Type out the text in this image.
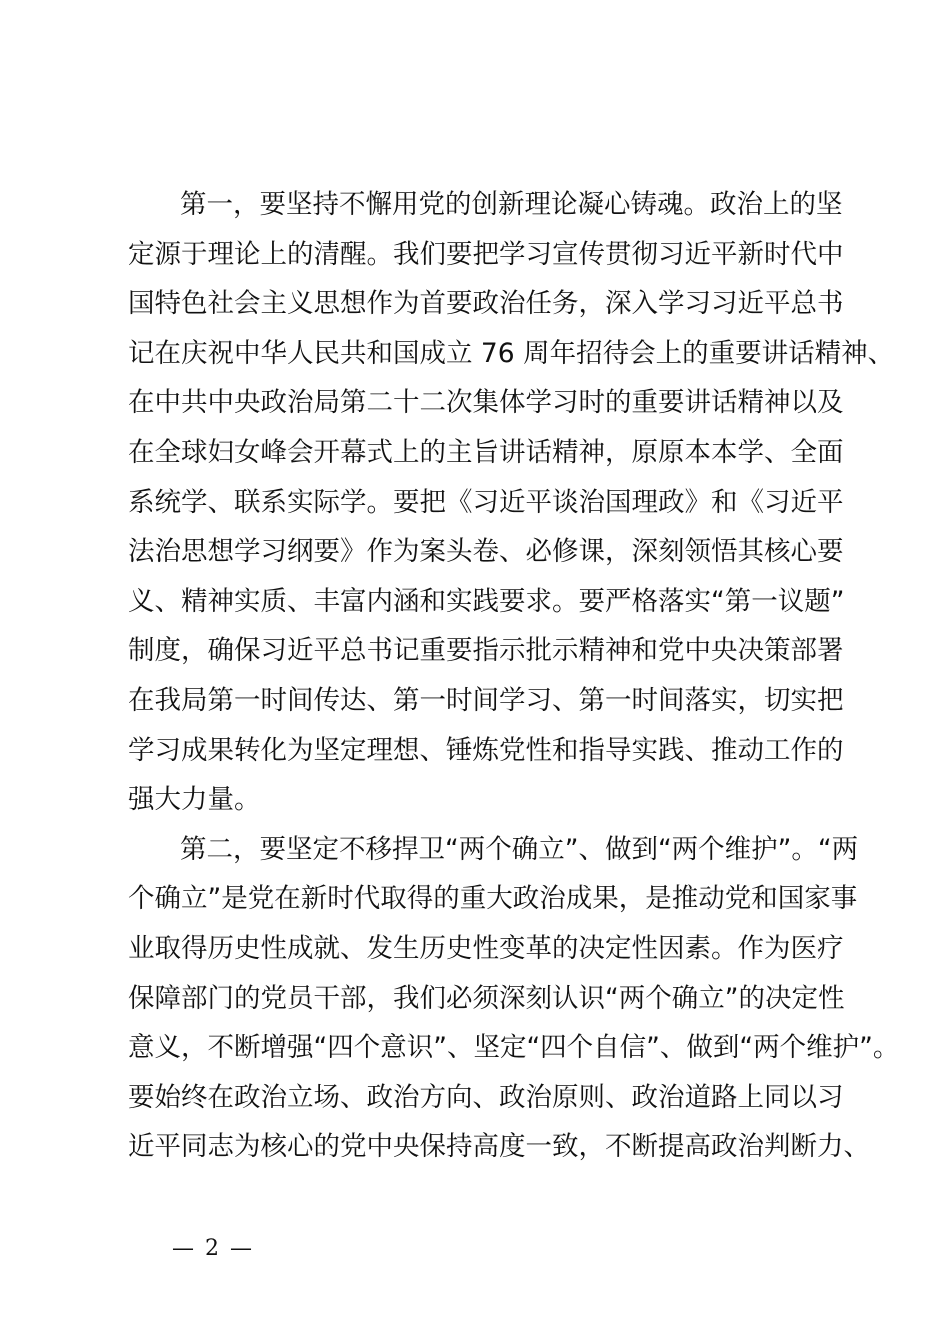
第一，要坚持不懈用党的创新理论凝心铸魂。政治上的坚
定源于理论上的清醒。我们要把学习宣传贯彻习近平新时代中
国特色社会主义思想作为首要政治任务，深入学习习近平总书
记在庆祝中华人民共和国成立 76 周年招待会上的重要讲话精神、
在中共中央政治局第二十二次集体学习时的重要讲话精神以及
在全球妇女峰会开幕式上的主旨讲话精神，原原本本学、全面
系统学、联系实际学。要把《习近平谈治国理政》和《习近平
法治思想学习纲要》作为案头卷、必修课，深刻领悟其核心要
义、精神实质、丰富内涵和实践要求。要严格落实“第一议题”
制度，确保习近平总书记重要指示批示精神和党中央决策部署
在我局第一时间传达、第一时间学习、第一时间落实，切实把
学习成果转化为坚定理想、锤炼党性和指导实践、推动工作的
强大力量。
第二，要坚定不移捍卫“两个确立”、做到“两个维护”。“两
个确立”是党在新时代取得的重大政治成果，是推动党和国家事
业取得历史性成就、发生历史性变革的决定性因素。作为医疗
保障部门的党员干部，我们必须深刻认识“两个确立”的决定性
意义，不断增强“四个意识”、坚定“四个自信”、做到“两个维护”。
要始终在政治立场、政治方向、政治原则、政治道路上同以习
近平同志为核心的党中央保持高度一致，不断提高政治判断力、
— 2 —
